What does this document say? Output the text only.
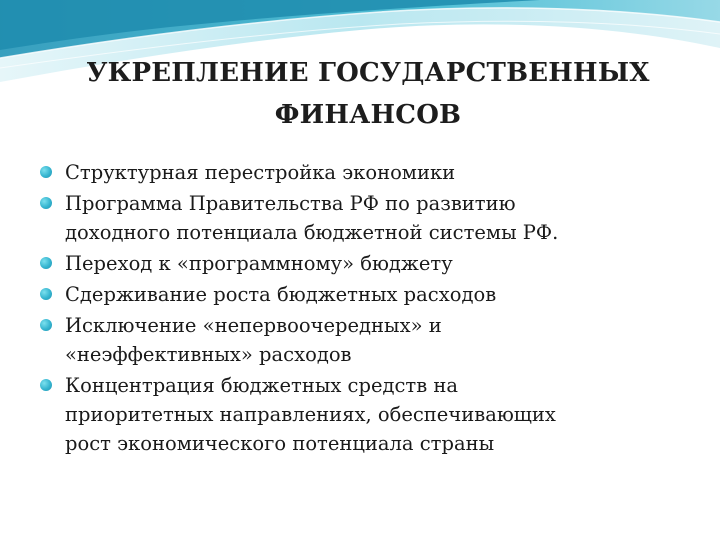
УКРЕПЛЕНИЕ ГОСУДАРСТВЕННЫХ
ФИНАНСОВ
Структурная перестройка экономики
Программа Правительства РФ по развитию
доходного потенциала бюджетной системы РФ.
Переход к «программному» бюджету
Сдерживание роста бюджетных расходов
Исключение «непервоочередных» и
«неэффективных» расходов
Концентрация бюджетных средств на
приоритетных направлениях, обеспечивающих
рост экономического потенциала страны
